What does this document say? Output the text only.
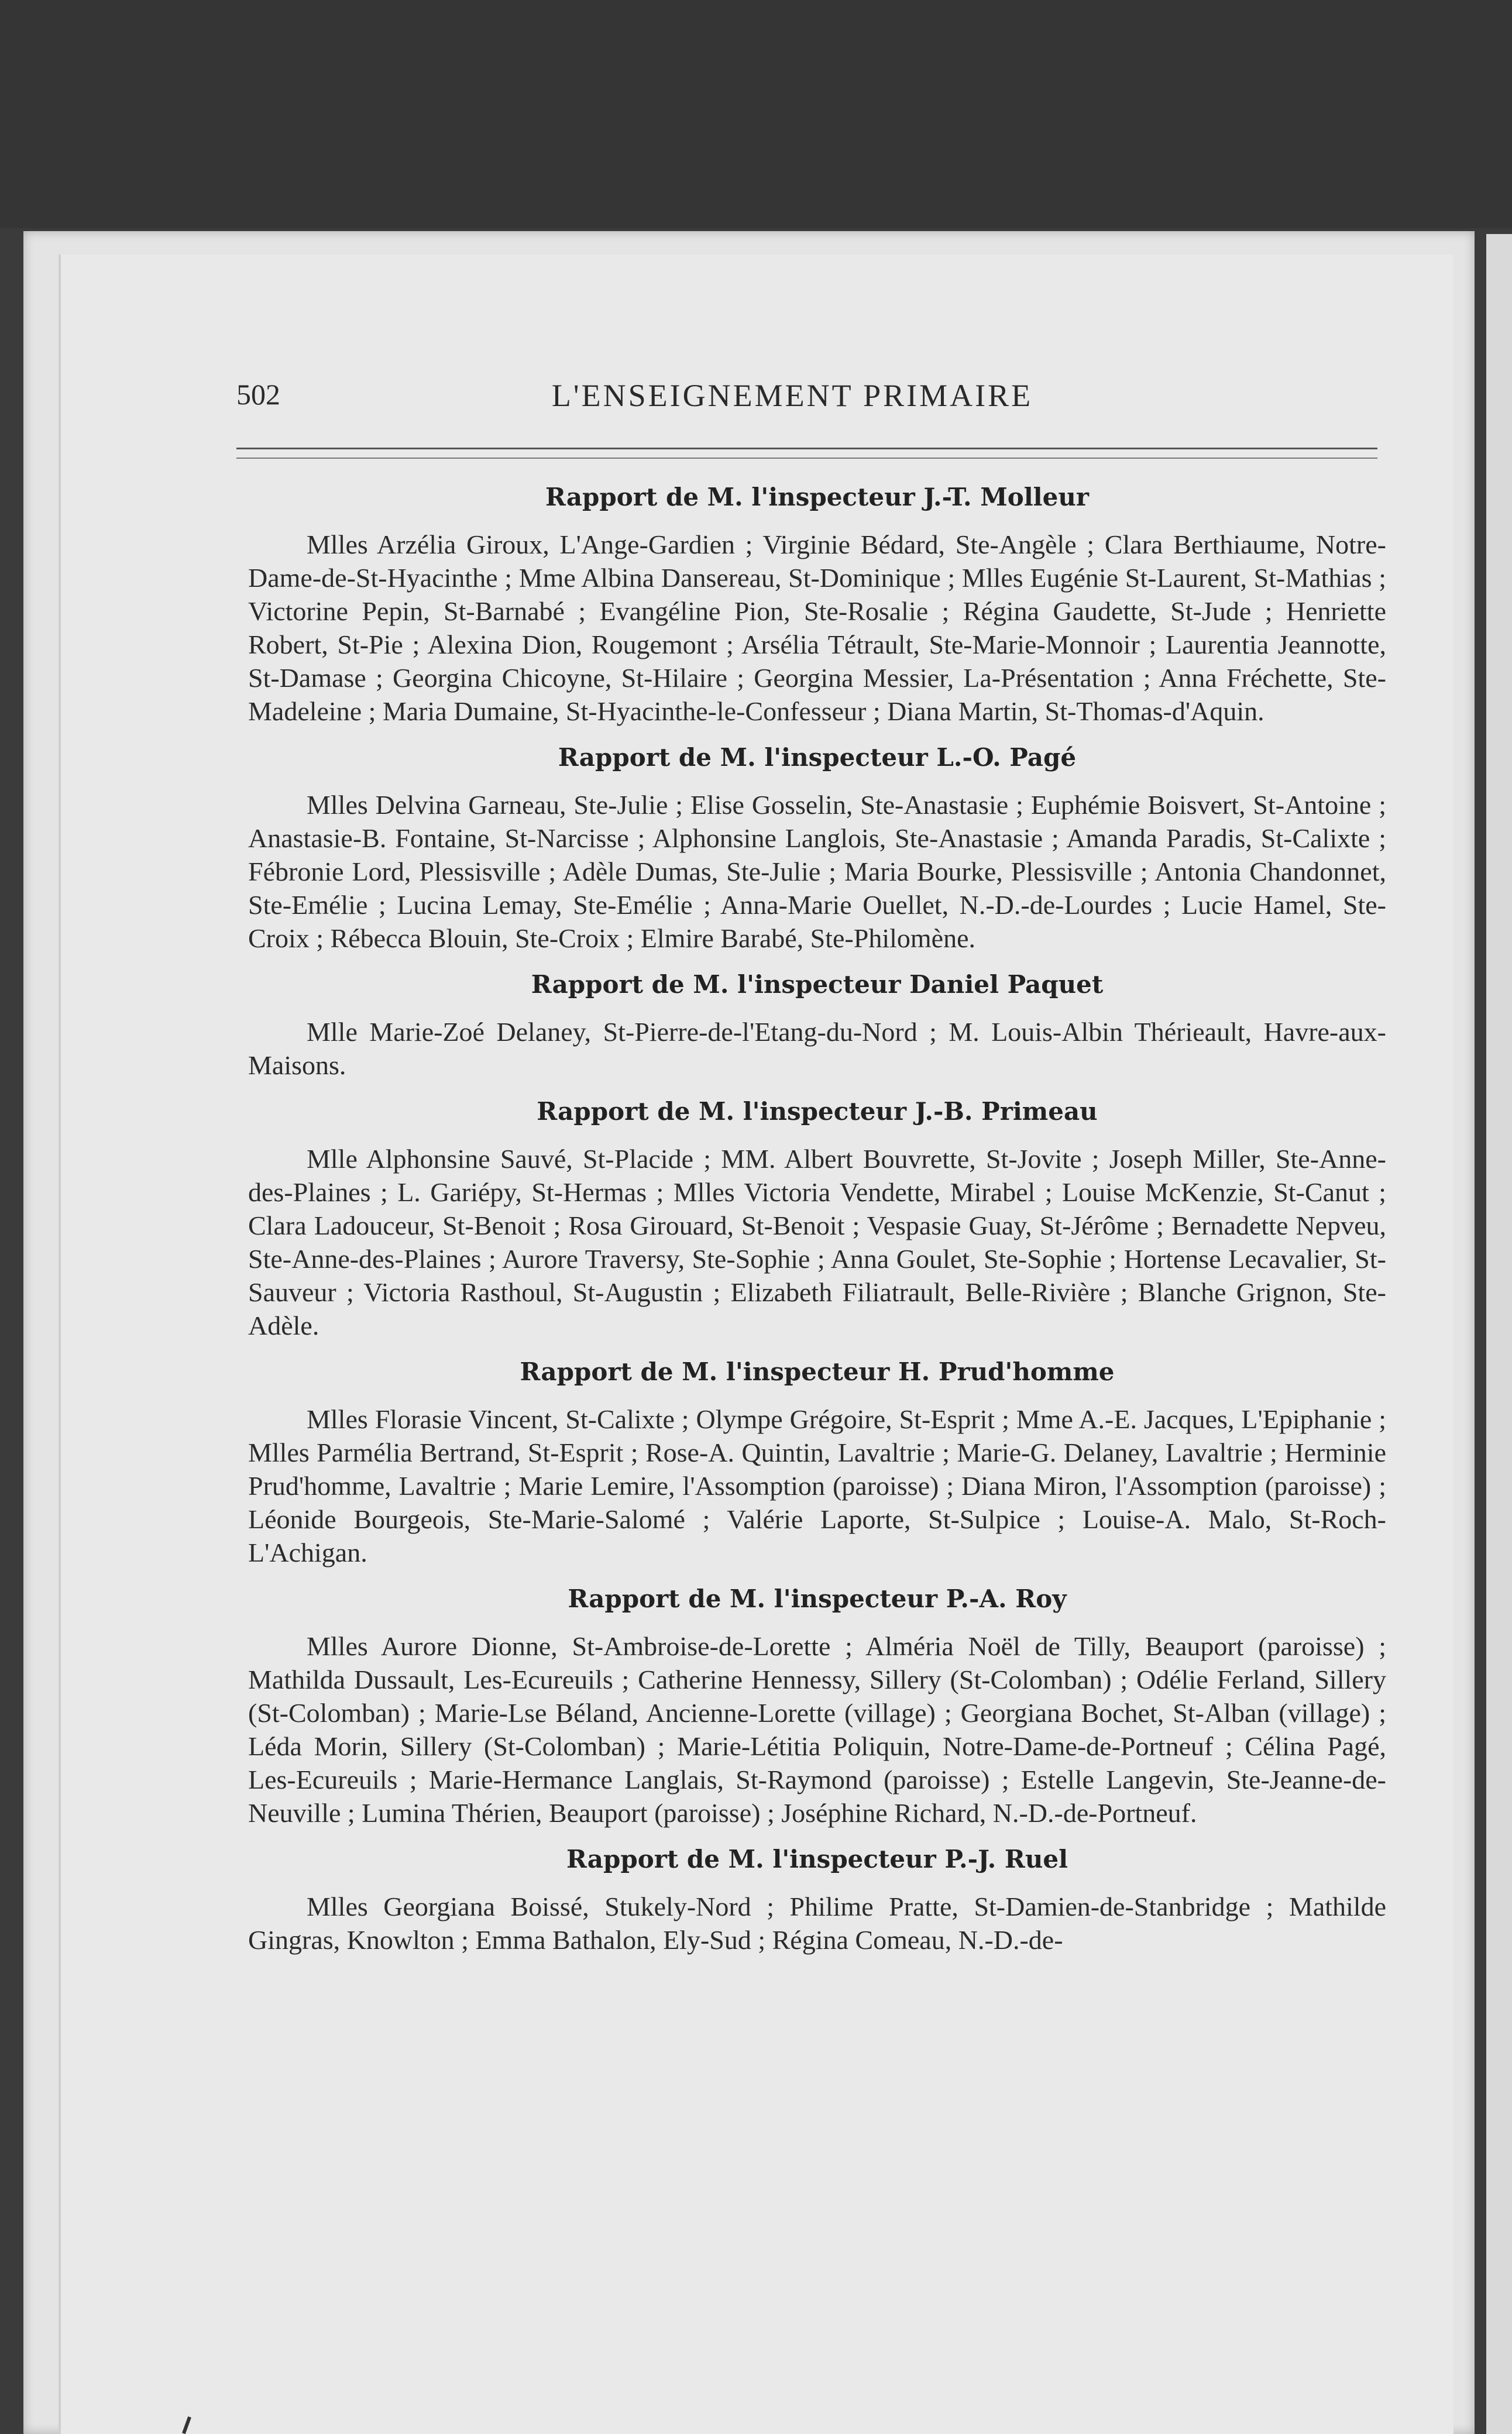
502	L'ENSEIGNEMENT PRIMAIRE

Rapport de M. l'inspecteur J.-T. Molleur

Mlles Arzélia Giroux, L'Ange-Gardien ; Virginie Bédard, Ste-Angèle ; Clara Berthiaume, Notre-Dame-de-St-Hyacinthe ; Mme Albina Dansereau, St-Dominique ; Mlles Eugénie St-Laurent, St-Mathias ; Victorine Pepin, St-Barnabé ; Evangéline Pion, Ste-Rosalie ; Régina Gaudette, St-Jude ; Henriette Robert, St-Pie ; Alexina Dion, Rougemont ; Arsélia Tétrault, Ste-Marie-Monnoir ; Laurentia Jeannotte, St-Damase ; Georgina Chicoyne, St-Hilaire ; Georgina Messier, La-Présentation ; Anna Fréchette, Ste-Madeleine ; Maria Dumaine, St-Hyacinthe-le-Confesseur ; Diana Martin, St-Thomas-d'Aquin.

Rapport de M. l'inspecteur L.-O. Pagé

Mlles Delvina Garneau, Ste-Julie ; Elise Gosselin, Ste-Anastasie ; Euphémie Boisvert, St-Antoine ; Anastasie-B. Fontaine, St-Narcisse ; Alphonsine Langlois, Ste-Anastasie ; Amanda Paradis, St-Calixte ; Fébronie Lord, Plessisville ; Adèle Dumas, Ste-Julie ; Maria Bourke, Plessisville ; Antonia Chandonnet, Ste-Emélie ; Lucina Lemay, Ste-Emélie ; Anna-Marie Ouellet, N.-D.-de-Lourdes ; Lucie Hamel, Ste-Croix ; Rébecca Blouin, Ste-Croix ; Elmire Barabé, Ste-Philomène.

Rapport de M. l'inspecteur Daniel Paquet

Mlle Marie-Zoé Delaney, St-Pierre-de-l'Etang-du-Nord ; M. Louis-Albin Thérieault, Havre-aux-Maisons.

Rapport de M. l'inspecteur J.-B. Primeau

Mlle Alphonsine Sauvé, St-Placide ; MM. Albert Bouvrette, St-Jovite ; Joseph Miller, Ste-Anne-des-Plaines ; L. Gariépy, St-Hermas ; Mlles Victoria Vendette, Mirabel ; Louise McKenzie, St-Canut ; Clara Ladouceur, St-Benoit ; Rosa Girouard, St-Benoit ; Vespasie Guay, St-Jérôme ; Bernadette Nepveu, Ste-Anne-des-Plaines ; Aurore Traversy, Ste-Sophie ; Anna Goulet, Ste-Sophie ; Hortense Lecavalier, St-Sauveur ; Victoria Rasthoul, St-Augustin ; Elizabeth Filiatrault, Belle-Rivière ; Blanche Grignon, Ste-Adèle.

Rapport de M. l'inspecteur H. Prud'homme

Mlles Florasie Vincent, St-Calixte ; Olympe Grégoire, St-Esprit ; Mme A.-E. Jacques, L'Epiphanie ; Mlles Parmélia Bertrand, St-Esprit ; Rose-A. Quintin, Lavaltrie ; Marie-G. Delaney, Lavaltrie ; Herminie Prud'homme, Lavaltrie ; Marie Lemire, l'Assomption (paroisse) ; Diana Miron, l'Assomption (paroisse) ; Léonide Bourgeois, Ste-Marie-Salomé ; Valérie Laporte, St-Sulpice ; Louise-A. Malo, St-Roch-L'Achigan.

Rapport de M. l'inspecteur P.-A. Roy

Mlles Aurore Dionne, St-Ambroise-de-Lorette ; Alméria Noël de Tilly, Beauport (paroisse) ; Mathilda Dussault, Les-Ecureuils ; Catherine Hennessy, Sillery (St-Colomban) ; Odélie Ferland, Sillery (St-Colomban) ; Marie-Lse Béland, Ancienne-Lorette (village) ; Georgiana Bochet, St-Alban (village) ; Léda Morin, Sillery (St-Colomban) ; Marie-Létitia Poliquin, Notre-Dame-de-Portneuf ; Célina Pagé, Les-Ecureuils ; Marie-Hermance Langlais, St-Raymond (paroisse) ; Estelle Langevin, Ste-Jeanne-de-Neuville ; Lumina Thérien, Beauport (paroisse) ; Joséphine Richard, N.-D.-de-Portneuf.

Rapport de M. l'inspecteur P.-J. Ruel

Mlles Georgiana Boissé, Stukely-Nord ; Philime Pratte, St-Damien-de-Stanbridge ; Mathilde Gingras, Knowlton ; Emma Bathalon, Ely-Sud ; Régina Comeau, N.-D.-de-
